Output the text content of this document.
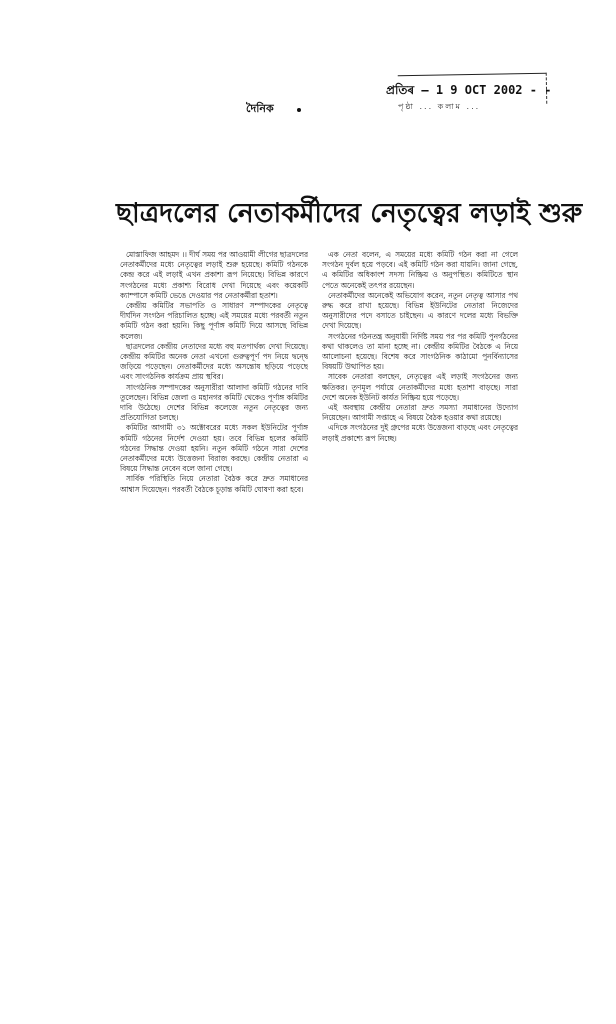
প্রতিৰ — 1 9 OCT 2002 - -
পৃষ্ঠা ... কলাম ...
দৈনিক
ছাত্রদলের নেতাকর্মীদের নেতৃত্বের লড়াই শুরু

মোস্তাফিজ আহমদ ।। দীর্ঘ সময় পর আওয়ামী লীগের ছাত্রদলের নেতাকর্মীদের মধ্যে নেতৃত্বের লড়াই শুরু হয়েছে। কমিটি গঠনকে কেন্দ্র করে এই লড়াই এখন প্রকাশ্য রূপ নিয়েছে। বিভিন্ন কারণে সংগঠনের মধ্যে প্রকাশ্য বিরোধ দেখা দিয়েছে এবং কয়েকটি ক্যাম্পাসে কমিটি ভেঙে দেওয়ার পর নেতাকর্মীরা হতাশ।

কেন্দ্রীয় কমিটির সভাপতি ও সাধারণ সম্পাদকের নেতৃত্বে দীর্ঘদিন সংগঠন পরিচালিত হচ্ছে। এই সময়ের মধ্যে পরবর্তী নতুন কমিটি গঠন করা হয়নি। কিছু পূর্ণাঙ্গ কমিটি দিয়ে আসছে বিভিন্ন কলেজ।

ছাত্রদলের কেন্দ্রীয় নেতাদের মধ্যে বহু মতপার্থক্য দেখা দিয়েছে। কেন্দ্রীয় কমিটির অনেক নেতা এখনো গুরুত্বপূর্ণ পদ নিয়ে দ্বন্দ্বে জড়িয়ে পড়েছেন। নেতাকর্মীদের মধ্যে অসন্তোষ ছড়িয়ে পড়েছে এবং সাংগঠনিক কার্যক্রম প্রায় স্থবির।

সাংগঠনিক সম্পাদকের অনুসারীরা আলাদা কমিটি গঠনের দাবি তুলেছেন। বিভিন্ন জেলা ও মহানগর কমিটি থেকেও পূর্ণাঙ্গ কমিটির দাবি উঠেছে। দেশের বিভিন্ন কলেজে নতুন নেতৃত্বের জন্য প্রতিযোগিতা চলছে।

কমিটির আগামী ৩১ অক্টোবরের মধ্যে সকল ইউনিটের পূর্ণাঙ্গ কমিটি গঠনের নির্দেশ দেওয়া হয়। তবে বিভিন্ন হলের কমিটি গঠনের সিদ্ধান্ত দেওয়া হয়নি। নতুন কমিটি গঠনে সারা দেশের নেতাকর্মীদের মধ্যে উত্তেজনা বিরাজ করছে। কেন্দ্রীয় নেতারা এ বিষয়ে সিদ্ধান্ত নেবেন বলে জানা গেছে।

সার্বিক পরিস্থিতি নিয়ে নেতারা বৈঠক করে দ্রুত সমাধানের আশ্বাস দিয়েছেন। পরবর্তী বৈঠকে চূড়ান্ত কমিটি ঘোষণা করা হবে।

এক নেতা বলেন, এ সময়ের মধ্যে কমিটি গঠন করা না গেলে সংগঠন দুর্বল হয়ে পড়বে। এই কমিটি গঠন করা যায়নি। জানা গেছে, এ কমিটির অধিকাংশ সদস্য নিষ্ক্রিয় ও অনুপস্থিত। কমিটিতে স্থান পেতে অনেকেই তৎপর রয়েছেন।

নেতাকর্মীদের অনেকেই অভিযোগ করেন, নতুন নেতৃত্ব আসার পথ রুদ্ধ করে রাখা হয়েছে। বিভিন্ন ইউনিটের নেতারা নিজেদের অনুসারীদের পদে বসাতে চাইছেন। এ কারণে দলের মধ্যে বিভক্তি দেখা দিয়েছে।

সংগঠনের গঠনতন্ত্র অনুযায়ী নির্দিষ্ট সময় পর পর কমিটি পুনর্গঠনের কথা থাকলেও তা মানা হচ্ছে না। কেন্দ্রীয় কমিটির বৈঠকে এ নিয়ে আলোচনা হয়েছে। বিশেষ করে সাংগঠনিক কাঠামো পুনর্বিন্যাসের বিষয়টি উত্থাপিত হয়।

সাবেক নেতারা বলছেন, নেতৃত্বের এই লড়াই সংগঠনের জন্য ক্ষতিকর। তৃণমূল পর্যায়ে নেতাকর্মীদের মধ্যে হতাশা বাড়ছে। সারা দেশে অনেক ইউনিট কার্যত নিষ্ক্রিয় হয়ে পড়েছে।

এই অবস্থায় কেন্দ্রীয় নেতারা দ্রুত সমস্যা সমাধানের উদ্যোগ নিয়েছেন। আগামী সপ্তাহে এ বিষয়ে বৈঠক হওয়ার কথা রয়েছে।

এদিকে সংগঠনের দুই গ্রুপের মধ্যে উত্তেজনা বাড়ছে এবং নেতৃত্বের লড়াই প্রকাশ্যে রূপ নিচ্ছে।
